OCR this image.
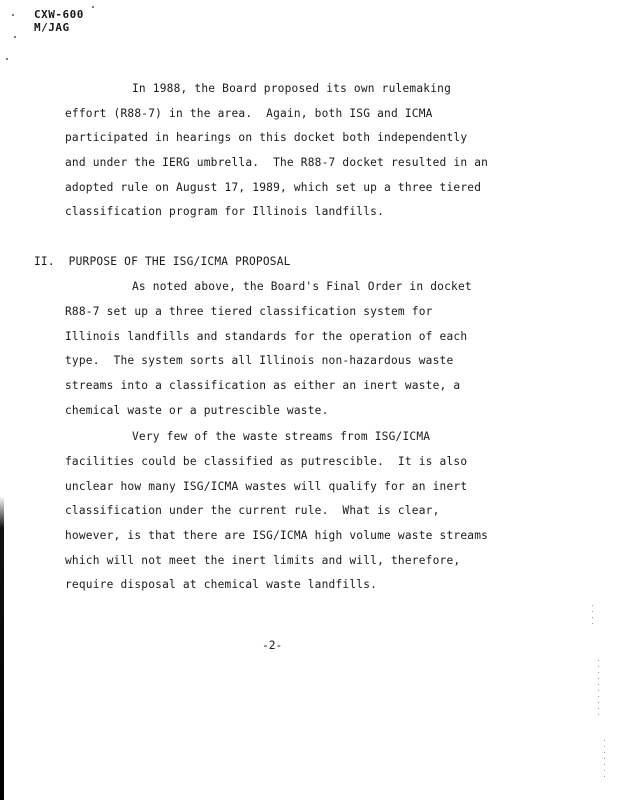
CXW-600
M/JAG
In 1988, the Board proposed its own rulemaking
effort (R88-7) in the area.  Again, both ISG and ICMA
participated in hearings on this docket both independently
and under the IERG umbrella.  The R88-7 docket resulted in an
adopted rule on August 17, 1989, which set up a three tiered
classification program for Illinois landfills.
II.  PURPOSE OF THE ISG/ICMA PROPOSAL
As noted above, the Board's Final Order in docket
R88-7 set up a three tiered classification system for
Illinois landfills and standards for the operation of each
type.  The system sorts all Illinois non-hazardous waste
streams into a classification as either an inert waste, a
chemical waste or a putrescible waste.
Very few of the waste streams from ISG/ICMA
facilities could be classified as putrescible.  It is also
unclear how many ISG/ICMA wastes will qualify for an inert
classification under the current rule.  What is clear,
however, is that there are ISG/ICMA high volume waste streams
which will not meet the inert limits and will, therefore,
require disposal at chemical waste landfills.
-2-
